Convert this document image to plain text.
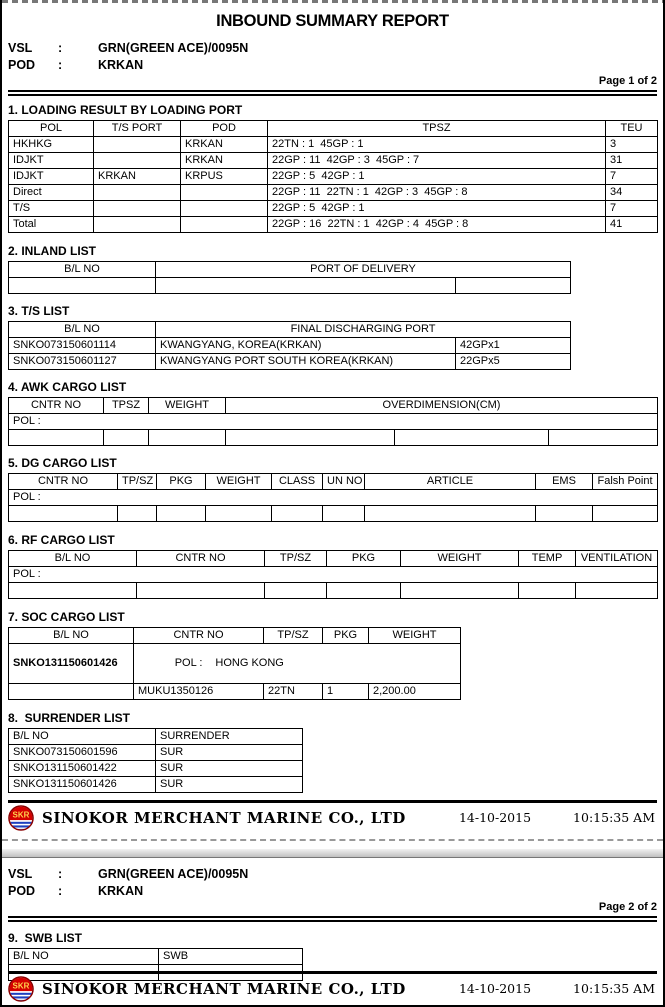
INBOUND SUMMARY REPORT
VSL	:	GRN(GREEN ACE)/0095N
POD	:	KRKAN
Page 1 of 2
1. LOADING RESULT BY LOADING PORT
POL	T/S PORT	POD	TPSZ	TEU
HKHKG		KRKAN	22TN : 1  45GP : 1	3
IDJKT		KRKAN	22GP : 11  42GP : 3  45GP : 7	31
IDJKT	KRKAN	KRPUS	22GP : 5  42GP : 1	7
Direct			22GP : 11  22TN : 1  42GP : 3  45GP : 8	34
T/S			22GP : 5  42GP : 1	7
Total			22GP : 16  22TN : 1  42GP : 4  45GP : 8	41
2. INLAND LIST
B/L NO	PORT OF DELIVERY	

3. T/S LIST
B/L NO	FINAL DISCHARGING PORT	
SNKO073150601114	KWANGYANG, KOREA(KRKAN)	42GPx1
SNKO073150601127	KWANGYANG PORT SOUTH KOREA(KRKAN)	22GPx5
4. AWK CARGO LIST
CNTR NO	TPSZ	WEIGHT	OVERDIMENSION(CM)		
POL :					

5. DG CARGO LIST
CNTR NO	TP/SZ	PKG	WEIGHT	CLASS	UN NO	ARTICLE	EMS	Falsh Point
POL :								

6. RF CARGO LIST
B/L NO	CNTR NO	TP/SZ	PKG	WEIGHT	TEMP	VENTILATION
POL :						

7. SOC CARGO LIST
B/L NO	CNTR NO	TP/SZ	PKG	WEIGHT
SNKO131150601426	POL : HONG KONG			

	MUKU1350126	22TN	1	2,200.00
8.  SURRENDER LIST
B/L NO	SURRENDER
SNKO073150601596	SUR
SNKO131150601422	SUR
SNKO131150601426	SUR
SKR SINOKOR MERCHANT MARINE CO., LTD	14-10-2015	10:15:35 AM
VSL	:	GRN(GREEN ACE)/0095N
POD	:	KRKAN
Page 2 of 2
9.  SWB LIST
B/L NO	SWB

SKR SINOKOR MERCHANT MARINE CO., LTD	14-10-2015	10:15:35 AM
